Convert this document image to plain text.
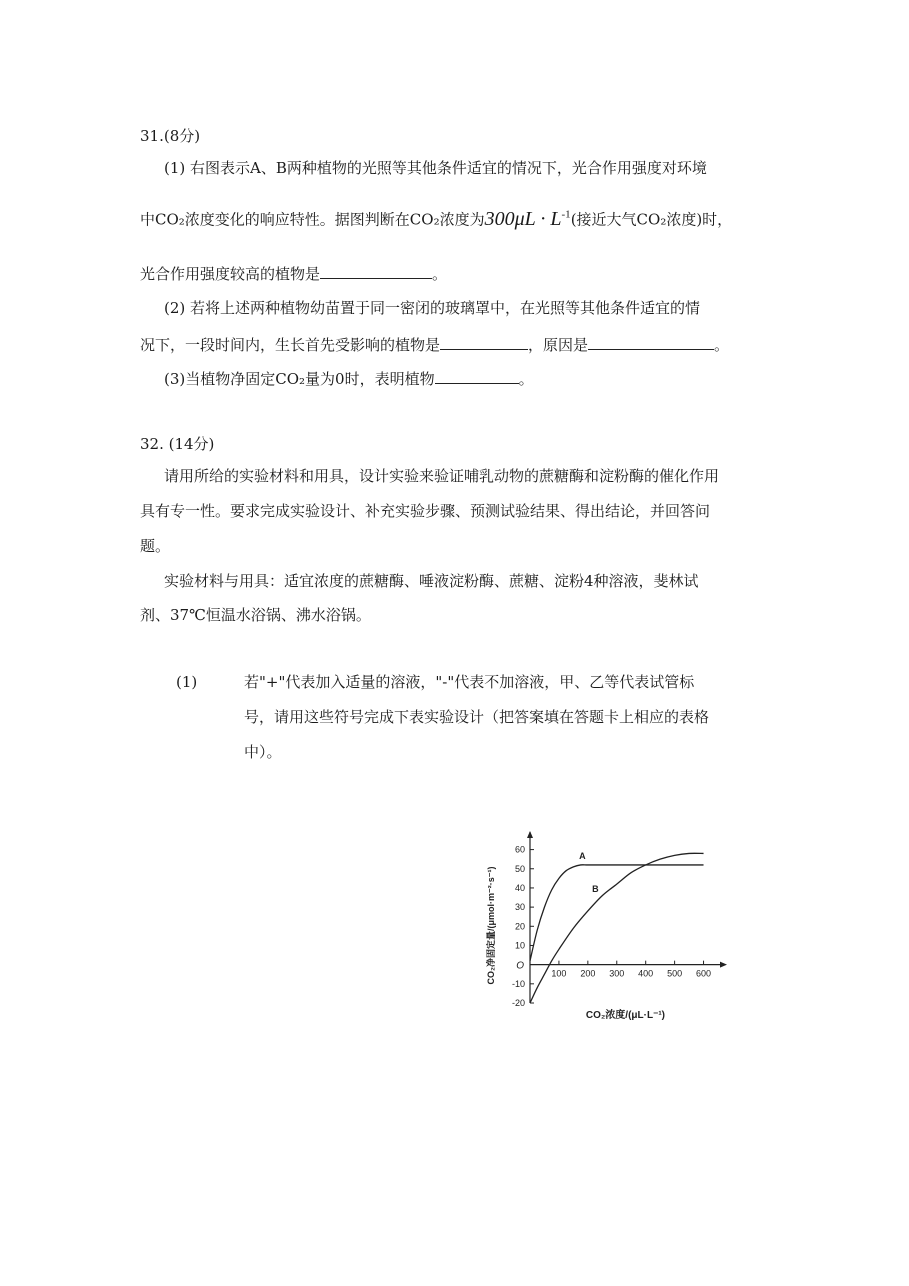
31.(8分)
(1) 右图表示A、B两种植物的光照等其他条件适宜的情况下，光合作用强度对环境
中CO₂浓度变化的响应特性。据图判断在CO₂浓度为$300\mu L \cdot L^{-1}$(接近大气CO₂浓度)时，
光合作用强度较高的植物是	。
(2) 若将上述两种植物幼苗置于同一密闭的玻璃罩中，在光照等其他条件适宜的情
况下，一段时间内，生长首先受影响的植物是	，原因是	。
(3)当植物净固定CO₂量为0时，表明植物	。
32. (14分)
请用所给的实验材料和用具，设计实验来验证哺乳动物的蔗糖酶和淀粉酶的催化作用
具有专一性。要求完成实验设计、补充实验步骤、预测试验结果、得出结论，并回答问
题。
实验材料与用具：适宜浓度的蔗糖酶、唾液淀粉酶、蔗糖、淀粉4种溶液，斐林试
剂、37℃恒温水浴锅、沸水浴锅。
(1)	若"+"代表加入适量的溶液，"-"代表不加溶液，甲、乙等代表试管标
号，请用这些符号完成下表实验设计（把答案填在答题卡上相应的表格
中）。
-20
-10
10
20
30
40
50
60
O
100 200 300 400 500 600
A
B
CO₂浓度/(μL·L⁻¹)
CO₂净固定量/(μmol·m⁻²·s⁻¹)
